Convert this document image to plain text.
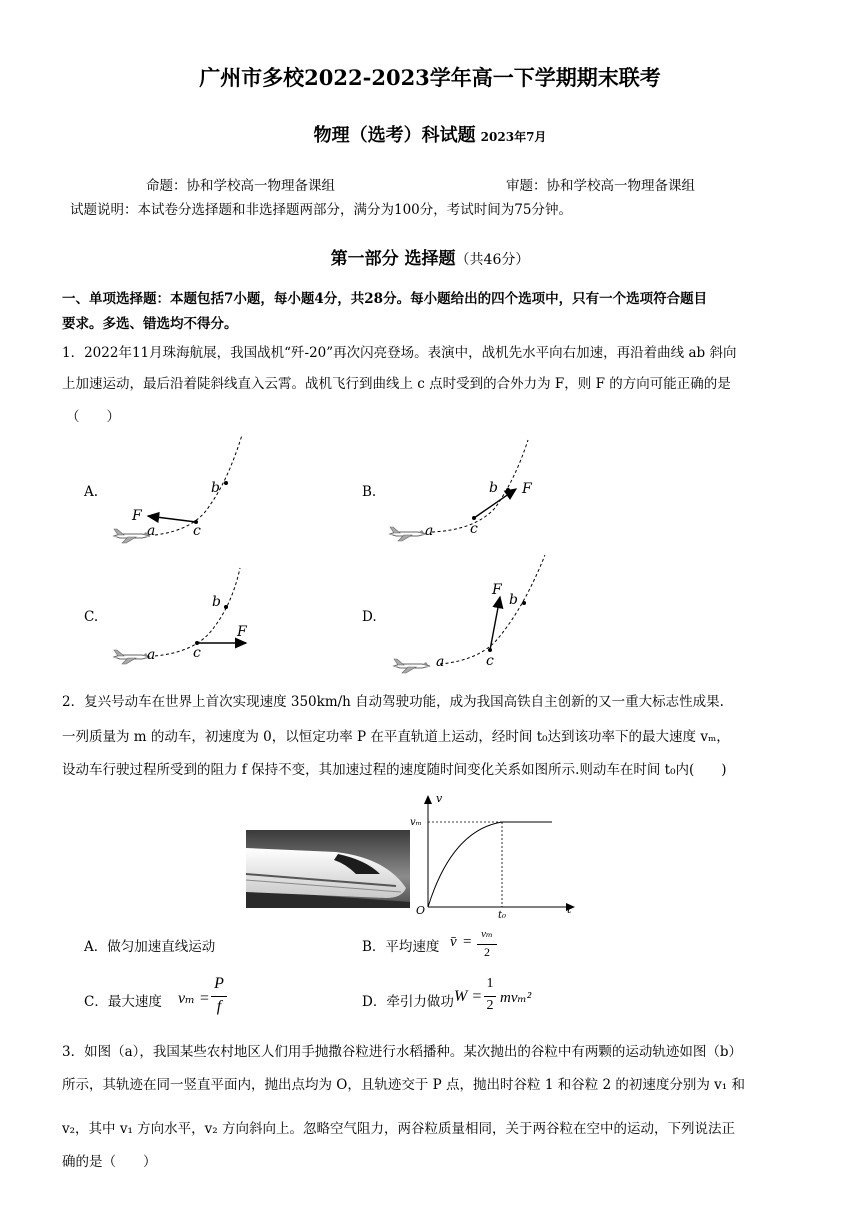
广州市多校2022-2023学年高一下学期期末联考
物理（选考）科试题 2023年7月
命题：协和学校高一物理备课组	审题：协和学校高一物理备课组
试题说明：本试卷分选择题和非选择题两部分，满分为100分，考试时间为75分钟。
第一部分 选择题（共46分）
一、单项选择题：本题包括7小题，每小题4分，共28分。每小题给出的四个选项中，只有一个选项符合题目
要求。多选、错选均不得分。
1．2022年11月珠海航展，我国战机“歼-20”再次闪亮登场。表演中，战机先水平向右加速，再沿着曲线 ab 斜向
上加速运动，最后沿着陡斜线直入云霄。战机飞行到曲线上 c 点时受到的合外力为 F，则 F 的方向可能正确的是
（　　）
A.	B.
C.	D.
F
a
b
c
F
a
b
c
F
a
b
c
F
a
b
c
2．复兴号动车在世界上首次实现速度 350km/h 自动驾驶功能，成为我国高铁自主创新的又一重大标志性成果.
一列质量为 m 的动车，初速度为 0，以恒定功率 P 在平直轨道上运动，经时间 t₀达到该功率下的最大速度 vₘ，
设动车行驶过程所受到的阻力 f 保持不变，其加速过程的速度随时间变化关系如图所示.则动车在时间 t₀内(　　)
v
t
O
vₘ
t₀
A．做匀加速直线运动	B．平均速度 v̄ = vₘ
2
C．最大速度 vₘ =
P
f	D．牵引力做功 W =
1
2 mvₘ²
3．如图（a），我国某些农村地区人们用手抛撒谷粒进行水稻播种。某次抛出的谷粒中有两颗的运动轨迹如图（b）
所示，其轨迹在同一竖直平面内，抛出点均为 O，且轨迹交于 P 点，抛出时谷粒 1 和谷粒 2 的初速度分别为 v₁ 和
v₂，其中 v₁ 方向水平，v₂ 方向斜向上。忽略空气阻力，两谷粒质量相同，关于两谷粒在空中的运动，下列说法正
确的是（　　）
